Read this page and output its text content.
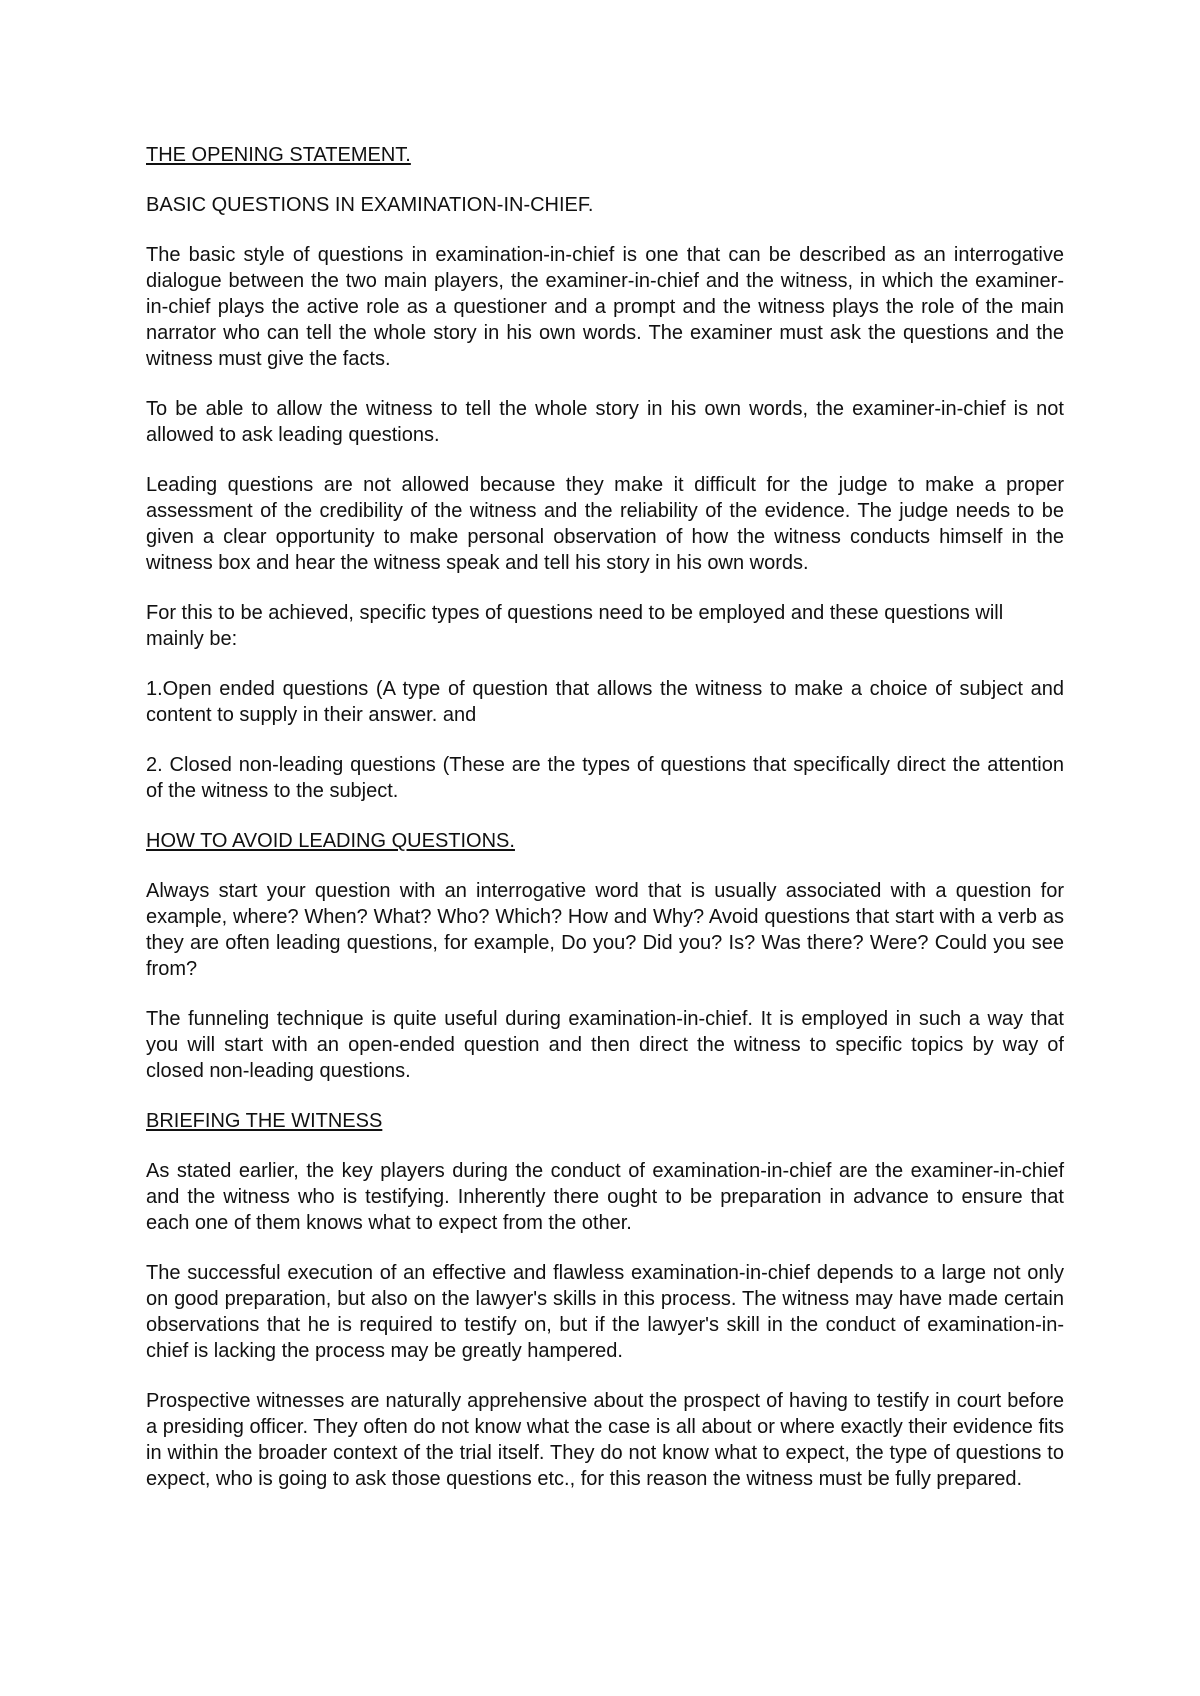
THE OPENING STATEMENT.
BASIC QUESTIONS IN EXAMINATION-IN-CHIEF.

The basic style of questions in examination-in-chief is one that can be described as an interrogative dialogue between the two main players, the examiner-in-chief and the witness, in which the examiner-in-chief plays the active role as a questioner and a prompt and the witness plays the role of the main narrator who can tell the whole story in his own words. The examiner must ask the questions and the witness must give the facts.

To be able to allow the witness to tell the whole story in his own words, the examiner-in-chief is not allowed to ask leading questions.

Leading questions are not allowed because they make it difficult for the judge to make a proper assessment of the credibility of the witness and the reliability of the evidence. The judge needs to be given a clear opportunity to make personal observation of how the witness conducts himself in the witness box and hear the witness speak and tell his story in his own words.

For this to be achieved, specific types of questions need to be employed and these questions will mainly be:

1.Open ended questions (A type of question that allows the witness to make a choice of subject and content to supply in their answer. and

2. Closed non-leading questions (These are the types of questions that specifically direct the attention of the witness to the subject.

HOW TO AVOID LEADING QUESTIONS.

Always start your question with an interrogative word that is usually associated with a question for example, where? When? What? Who? Which? How and Why? Avoid questions that start with a verb as they are often leading questions, for example, Do you? Did you? Is? Was there? Were? Could you see from?

The funneling technique is quite useful during examination-in-chief. It is employed in such a way that you will start with an open-ended question and then direct the witness to specific topics by way of closed non-leading questions.

BRIEFING THE WITNESS

As stated earlier, the key players during the conduct of examination-in-chief are the examiner-in-chief and the witness who is testifying. Inherently there ought to be preparation in advance to ensure that each one of them knows what to expect from the other.

The successful execution of an effective and flawless examination-in-chief depends to a large not only on good preparation, but also on the lawyer's skills in this process. The witness may have made certain observations that he is required to testify on, but if the lawyer's skill in the conduct of examination-in-chief is lacking the process may be greatly hampered.

Prospective witnesses are naturally apprehensive about the prospect of having to testify in court before a presiding officer. They often do not know what the case is all about or where exactly their evidence fits in within the broader context of the trial itself. They do not know what to expect, the type of questions to expect, who is going to ask those questions etc., for this reason the witness must be fully prepared.
